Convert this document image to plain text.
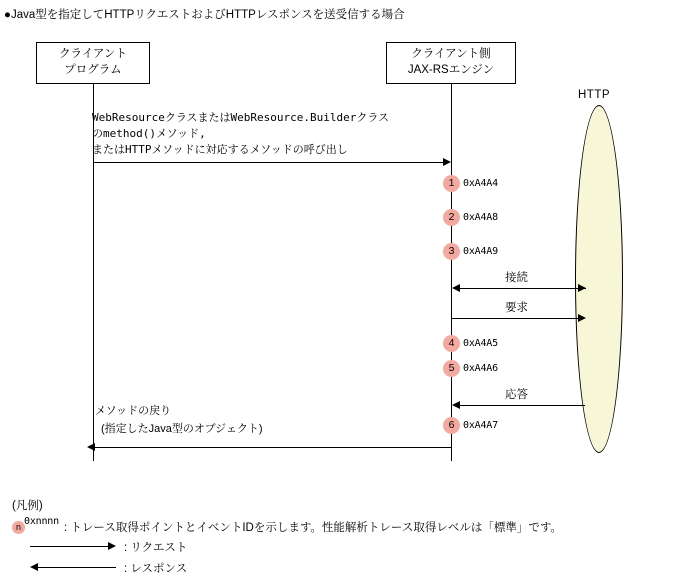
●Java型を指定してHTTPリクエストおよびHTTPレスポンスを送受信する場合
クライアント
プログラム
クライアント側
JAX-RSエンジン
HTTP
WebResourceクラスまたはWebResource.Builderクラス
のmethod()メソッド,
またはHTTPメソッドに対応するメソッドの呼び出し
1 0xA4A4
2 0xA4A8
3 0xA4A9
接続
要求
4 0xA4A5
5 0xA4A6
応答
メソッドの戻り
(指定したJava型のオブジェクト)	6 0xA4A7
(凡例)
n 0xnnnn
: トレース取得ポイントとイベントIDを示します。性能解析トレース取得レベルは「標準」です。
: リクエスト
: レスポンス
